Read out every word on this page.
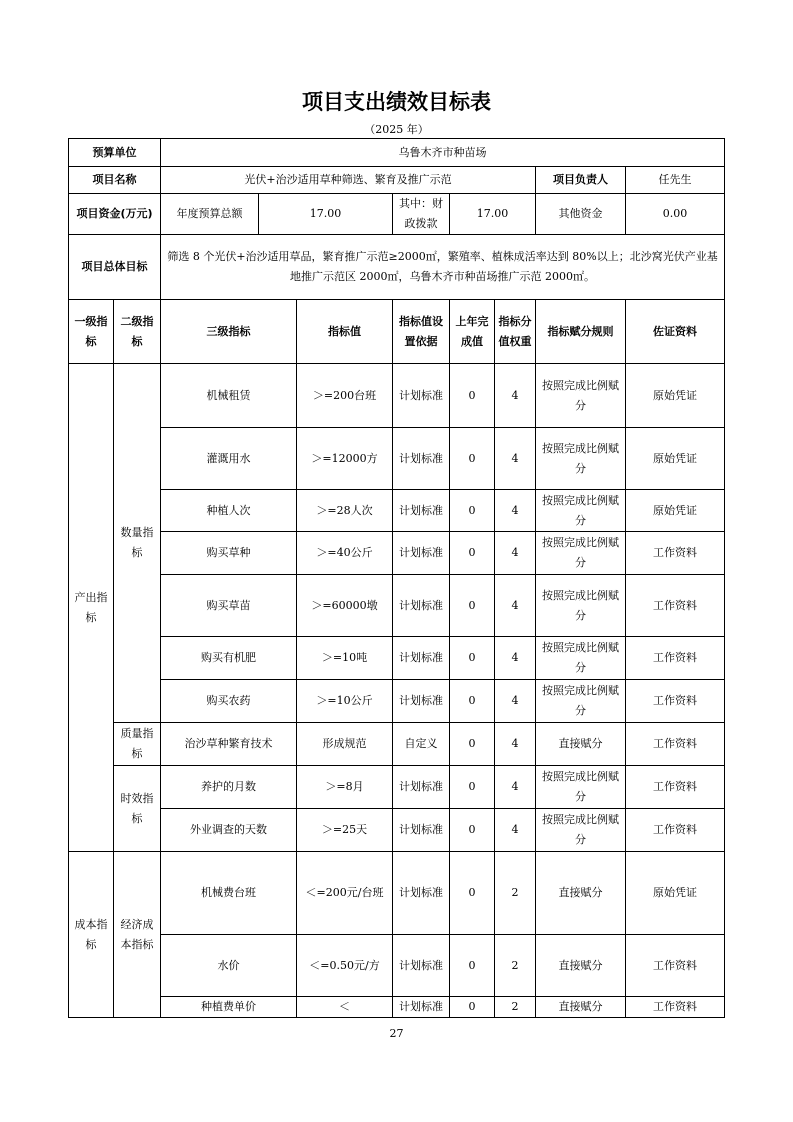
项目支出绩效目标表
（2025 年）
预算单位		乌鲁木齐市种苗场							
项目名称		光伏+治沙适用草种筛选、繁育及推广示范						项目负责人	任先生
项目资金(万元)		年度预算总额	17.00		其中：财政拨款	17.00		其他资金	0.00
项目总体目标		筛选 8 个光伏+治沙适用草品，繁育推广示范≥2000㎡，繁殖率、植株成活率达到 80%以上；北沙窝光伏产业基地推广示范区 2000㎡，乌鲁木齐市种苗场推广示范 2000㎡。							
一级指标	二级指标	三级指标		指标值	指标值设置依据	上年完成值	指标分值权重	指标赋分规则	佐证资料
产出指标	数量指标	机械租赁		＞=200台班	计划标准	0	4	按照完成比例赋分	原始凭证
		灌溉用水		＞=12000方	计划标准	0	4	按照完成比例赋分	原始凭证
		种植人次		＞=28人次	计划标准	0	4	按照完成比例赋分	原始凭证
		购买草种		＞=40公斤	计划标准	0	4	按照完成比例赋分	工作资料
		购买草苗		＞=60000墩	计划标准	0	4	按照完成比例赋分	工作资料
		购买有机肥		＞=10吨	计划标准	0	4	按照完成比例赋分	工作资料
		购买农药		＞=10公斤	计划标准	0	4	按照完成比例赋分	工作资料
	质量指标	治沙草种繁育技术		形成规范	自定义	0	4	直接赋分	工作资料
	时效指标	养护的月数		＞=8月	计划标准	0	4	按照完成比例赋分	工作资料
		外业调查的天数		＞=25天	计划标准	0	4	按照完成比例赋分	工作资料
成本指标	经济成本指标	机械费台班		＜=200元/台班	计划标准	0	2	直接赋分	原始凭证
		水价		＜=0.50元/方	计划标准	0	2	直接赋分	工作资料
		种植费单价		＜	计划标准	0	2	直接赋分	工作资料
27
